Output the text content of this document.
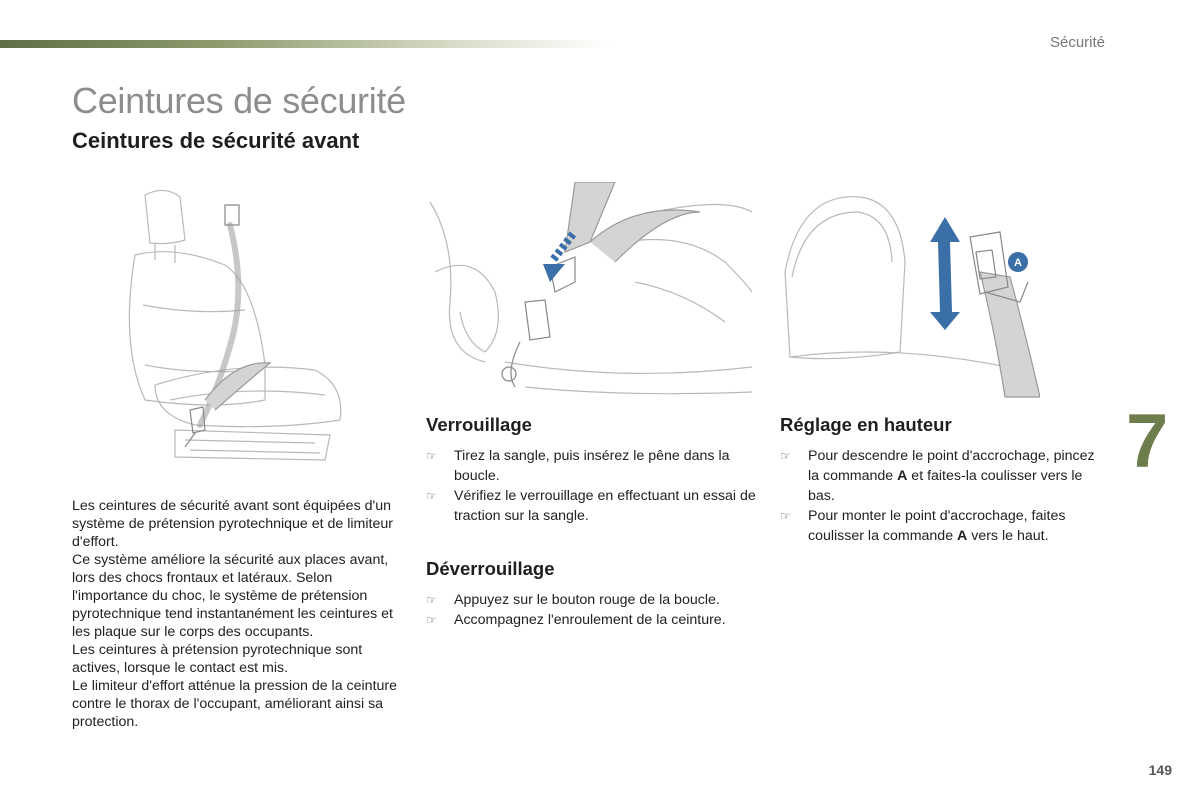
Sécurité
Ceintures de sécurité
Ceintures de sécurité avant
A

Les ceintures de sécurité avant sont équipées d'un système de prétension pyrotechnique et de limiteur d'effort.

Ce système améliore la sécurité aux places avant, lors des chocs frontaux et latéraux. Selon l'importance du choc, le système de prétension pyrotechnique tend instantanément les ceintures et les plaque sur le corps des occupants.

Les ceintures à prétension pyrotechnique sont actives, lorsque le contact est mis.

Le limiteur d'effort atténue la pression de la ceinture contre le thorax de l'occupant, améliorant ainsi sa protection.

Verrouillage
☞ Tirez la sangle, puis insérez le pêne dans la boucle.
☞ Vérifiez le verrouillage en effectuant un essai de traction sur la sangle.
Déverrouillage
☞ Appuyez sur le bouton rouge de la boucle.
☞ Accompagnez l'enroulement de la ceinture.
Réglage en hauteur
☞ Pour descendre le point d'accrochage, pincez la commande A et faites-la coulisser vers le bas.
☞ Pour monter le point d'accrochage, faites coulisser la commande A vers le haut.
7
149
